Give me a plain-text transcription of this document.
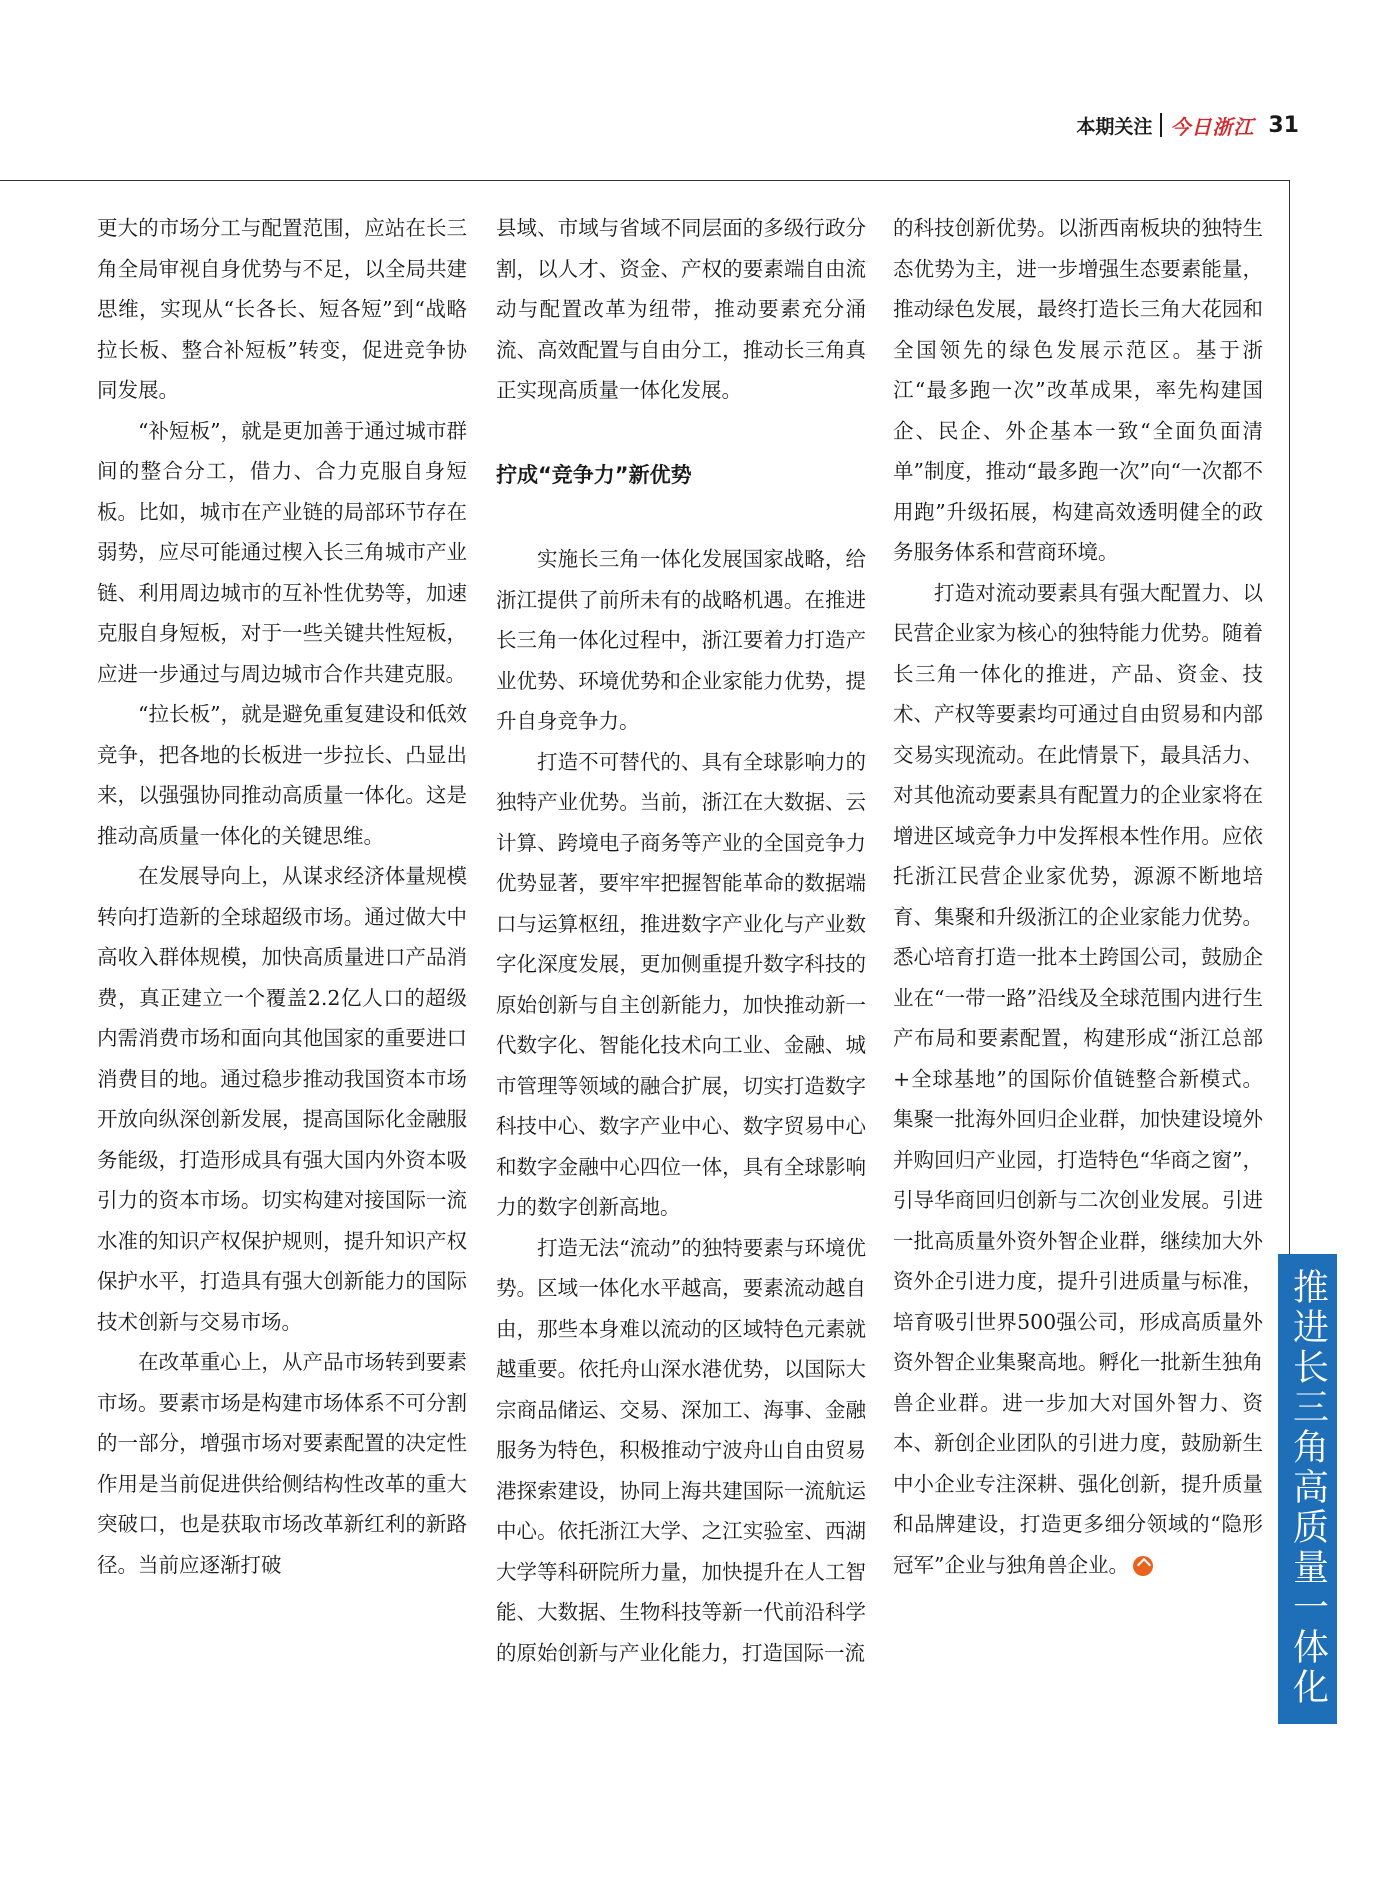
本期关注 今日浙江 31

更大的市场分工与配置范围，应站在长三角全局审视自身优势与不足，以全局共建思维，实现从“长各长、短各短”到“战略拉长板、整合补短板”转变，促进竞争协同发展。

“补短板”，就是更加善于通过城市群间的整合分工，借力、合力克服自身短板。比如，城市在产业链的局部环节存在弱势，应尽可能通过楔入长三角城市产业链、利用周边城市的互补性优势等，加速克服自身短板，对于一些关键共性短板，应进一步通过与周边城市合作共建克服。

“拉长板”，就是避免重复建设和低效竞争，把各地的长板进一步拉长、凸显出来，以强强协同推动高质量一体化。这是推动高质量一体化的关键思维。

在发展导向上，从谋求经济体量规模转向打造新的全球超级市场。通过做大中高收入群体规模，加快高质量进口产品消费，真正建立一个覆盖2.2亿人口的超级内需消费市场和面向其他国家的重要进口消费目的地。通过稳步推动我国资本市场开放向纵深创新发展，提高国际化金融服务能级，打造形成具有强大国内外资本吸引力的资本市场。切实构建对接国际一流水准的知识产权保护规则，提升知识产权保护水平，打造具有强大创新能力的国际技术创新与交易市场。

在改革重心上，从产品市场转到要素市场。要素市场是构建市场体系不可分割的一部分，增强市场对要素配置的决定性作用是当前促进供给侧结构性改革的重大突破口，也是获取市场改革新红利的新路径。当前应逐渐打破

县域、市域与省域不同层面的多级行政分割，以人才、资金、产权的要素端自由流动与配置改革为纽带，推动要素充分涌流、高效配置与自由分工，推动长三角真正实现高质量一体化发展。

拧成“竞争力”新优势

实施长三角一体化发展国家战略，给浙江提供了前所未有的战略机遇。在推进长三角一体化过程中，浙江要着力打造产业优势、环境优势和企业家能力优势，提升自身竞争力。

打造不可替代的、具有全球影响力的独特产业优势。当前，浙江在大数据、云计算、跨境电子商务等产业的全国竞争力优势显著，要牢牢把握智能革命的数据端口与运算枢纽，推进数字产业化与产业数字化深度发展，更加侧重提升数字科技的原始创新与自主创新能力，加快推动新一代数字化、智能化技术向工业、金融、城市管理等领域的融合扩展，切实打造数字科技中心、数字产业中心、数字贸易中心和数字金融中心四位一体，具有全球影响力的数字创新高地。

打造无法“流动”的独特要素与环境优势。区域一体化水平越高，要素流动越自由，那些本身难以流动的区域特色元素就越重要。依托舟山深水港优势，以国际大宗商品储运、交易、深加工、海事、金融服务为特色，积极推动宁波舟山自由贸易港探索建设，协同上海共建国际一流航运中心。依托浙江大学、之江实验室、西湖大学等科研院所力量，加快提升在人工智能、大数据、生物科技等新一代前沿科学的原始创新与产业化能力，打造国际一流

的科技创新优势。以浙西南板块的独特生态优势为主，进一步增强生态要素能量，推动绿色发展，最终打造长三角大花园和全国领先的绿色发展示范区。基于浙江“最多跑一次”改革成果，率先构建国企、民企、外企基本一致“全面负面清单”制度，推动“最多跑一次”向“一次都不用跑”升级拓展，构建高效透明健全的政务服务体系和营商环境。

打造对流动要素具有强大配置力、以民营企业家为核心的独特能力优势。随着长三角一体化的推进，产品、资金、技术、产权等要素均可通过自由贸易和内部交易实现流动。在此情景下，最具活力、对其他流动要素具有配置力的企业家将在增进区域竞争力中发挥根本性作用。应依托浙江民营企业家优势，源源不断地培育、集聚和升级浙江的企业家能力优势。悉心培育打造一批本土跨国公司，鼓励企业在“一带一路”沿线及全球范围内进行生产布局和要素配置，构建形成“浙江总部+全球基地”的国际价值链整合新模式。集聚一批海外回归企业群，加快建设境外并购回归产业园，打造特色“华商之窗”，引导华商回归创新与二次创业发展。引进一批高质量外资外智企业群，继续加大外资外企引进力度，提升引进质量与标准，培育吸引世界500强公司，形成高质量外资外智企业集聚高地。孵化一批新生独角兽企业群。进一步加大对国外智力、资本、新创企业团队的引进力度，鼓励新生中小企业专注深耕、强化创新，提升质量和品牌建设，打造更多细分领域的“隐形冠军”企业与独角兽企业。	推进长三角高质量一体化
